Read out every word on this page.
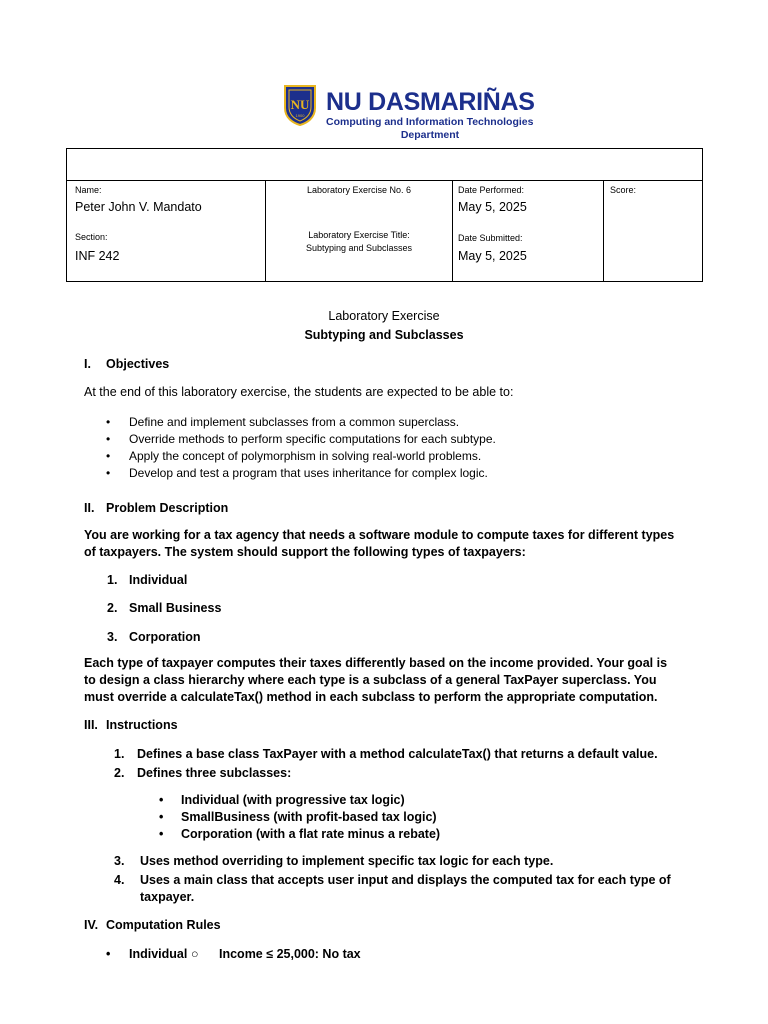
NU
1900 NU DASMARIÑAS
Computing and Information Technologies
Department
Name:
Peter John V. Mandato
Section:
INF 242
Laboratory Exercise No. 6
Laboratory Exercise Title:
Subtyping and Subclasses
Date Performed:
May 5, 2025
Date Submitted:
May 5, 2025
Score:
Laboratory Exercise
Subtyping and Subclasses
I. Objectives
At the end of this laboratory exercise, the students are expected to be able to:
• Define and implement subclasses from a common superclass.
• Override methods to perform specific computations for each subtype.
• Apply the concept of polymorphism in solving real-world problems.
• Develop and test a program that uses inheritance for complex logic.
II. Problem Description
You are working for a tax agency that needs a software module to compute taxes for different types
of taxpayers. The system should support the following types of taxpayers:
1. Individual
2. Small Business
3. Corporation
Each type of taxpayer computes their taxes differently based on the income provided. Your goal is
to design a class hierarchy where each type is a subclass of a general TaxPayer superclass. You
must override a calculateTax() method in each subclass to perform the appropriate computation.
III. Instructions
1. Defines a base class TaxPayer with a method calculateTax() that returns a default value.
2. Defines three subclasses:
• Individual (with progressive tax logic)
• SmallBusiness (with profit-based tax logic)
• Corporation (with a flat rate minus a rebate)
3. Uses method overriding to implement specific tax logic for each type.
4. Uses a main class that accepts user input and displays the computed tax for each type of
taxpayer.
IV. Computation Rules
• Individual ○ Income ≤ 25,000: No tax
